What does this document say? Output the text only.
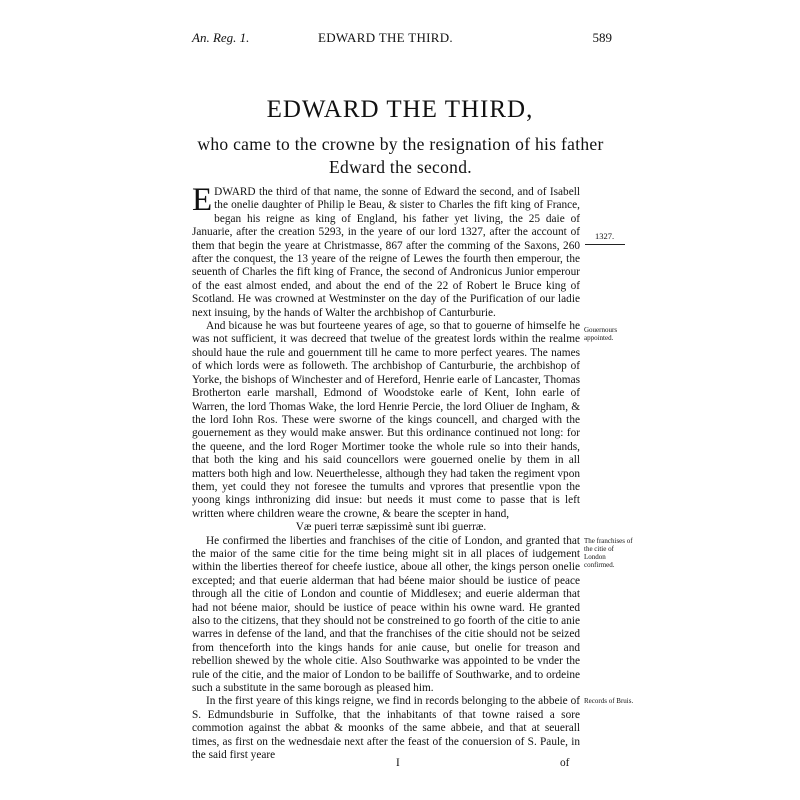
An. Reg. 1.	EDWARD THE THIRD.	589
EDWARD THE THIRD,
who came to the crowne by the resignation of his father
Edward the second.

EDWARD the third of that name, the sonne of Edward the second, and of Isabell the onelie daughter of Philip le Beau, & sister to Charles the fift king of France, began his reigne as king of England, his father yet living, the 25 daie of Januarie, after the creation 5293, in the yeare of our lord 1327, after the account of them that begin the yeare at Christmasse, 867 after the comming of the Saxons, 260 after the conquest, the 13 yeare of the reigne of Lewes the fourth then emperour, the seuenth of Charles the fift king of France, the second of Andronicus Junior emperour of the east almost ended, and about the end of the 22 of Robert le Bruce king of Scotland. He was crowned at Westminster on the day of the Purification of our ladie next insuing, by the hands of Walter the archbishop of Canturburie.

And bicause he was but fourteene yeares of age, so that to gouerne of himselfe he was not sufficient, it was decreed that twelue of the greatest lords within the realme should haue the rule and gouernment till he came to more perfect yeares. The names of which lords were as followeth. The archbishop of Canturburie, the archbishop of Yorke, the bishops of Winchester and of Hereford, Henrie earle of Lancaster, Thomas Brotherton earle marshall, Edmond of Woodstoke earle of Kent, Iohn earle of Warren, the lord Thomas Wake, the lord Henrie Percie, the lord Oliuer de Ingham, & the lord Iohn Ros. These were sworne of the kings councell, and charged with the gouernement as they would make answer. But this ordinance continued not long: for the queene, and the lord Roger Mortimer tooke the whole rule so into their hands, that both the king and his said councellors were gouerned onelie by them in all matters both high and low. Neuerthelesse, although they had taken the regiment vpon them, yet could they not foresee the tumults and vprores that presentlie vpon the yoong kings inthronizing did insue: but needs it must come to passe that is left written where children weare the crowne, & beare the scepter in hand,

Væ pueri terræ sæpissimè sunt ibi guerræ.

He confirmed the liberties and franchises of the citie of London, and granted that the maior of the same citie for the time being might sit in all places of iudgement within the liberties thereof for cheefe iustice, aboue all other, the kings person onelie excepted; and that euerie alderman that had béene maior should be iustice of peace through all the citie of London and countie of Middlesex; and euerie alderman that had not béene maior, should be iustice of peace within his owne ward. He granted also to the citizens, that they should not be constreined to go foorth of the citie to anie warres in defense of the land, and that the franchises of the citie should not be seized from thenceforth into the kings hands for anie cause, but onelie for treason and rebellion shewed by the whole citie. Also Southwarke was appointed to be vnder the rule of the citie, and the maior of London to be bailiffe of Southwarke, and to ordeine such a substitute in the same borough as pleased him.

In the first yeare of this kings reigne, we find in records belonging to the abbeie of S. Edmundsburie in Suffolke, that the inhabitants of that towne raised a sore commotion against the abbat & moonks of the same abbeie, and that at seuerall times, as first on the wednesdaie next after the feast of the conuersion of S. Paule, in the said first yeare

1327.
Gouernours appointed.
The franchises of the citie of London confirmed.
Records of Bruis.
I	of
